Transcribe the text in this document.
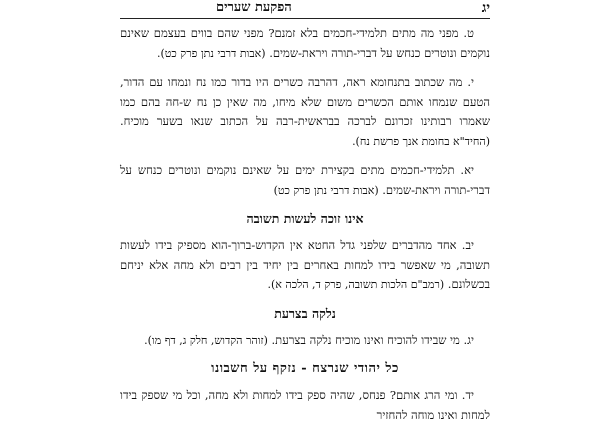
יג
הפקעת שערים

ט. מפני מה מתים תלמידי-חכמים בלא זמנם? מפני שהם בווים בעצמם שאינם נוקמים ונוטרים כנחש על דברי-תורה ויראת-שמים. (אבות דרבי נתן פרק כט).

י. מה שכתוב בתנחומא ראה, דהרבה כשרים היו בדור כמו נח ונמחו עם הדור, הטעם שנמחו אותם הכשרים משום שלא מיחו, מה שאין כן נח ש-חה בהם כמו שאמרו רבותינו זכרונם לברכה בבראשית-רבה על הכתוב שנאו בשער מוכיח. (החיד"א בחומת אנך פרשת נח).

יא. תלמידי-חכמים מתים בקצירת ימים על שאינם נוקמים ונוטרים כנחש על דברי-תורה ויראת-שמים. (אבות דרבי נתן פרק כט)

אינו זוכה לעשות תשובה

יב. אחד מהדברים שלפני גדל החטא אין הקדוש-ברוך-הוא מספיק בידו לעשות תשובה, מי שאפשר בידו למחות באחרים בין יחיד בין רבים ולא מחה אלא יניחם בכשלונם. (רמב"ם הלכות תשובה, פרק ד, הלכה א).

נלקה בצרעת

יג. מי שבידו להוכיח ואינו מוכיח נלקה בצרעת. (זוהר הקדוש, חלק ג, דף מו).

כל יהודי שנרצח - נזקף על חשבונו

יד. ומי הרג אותם? פנחס, שהיה ספק בידו למחות ולא מחה, וכל מי שספק בידו למחות ואינו מוחה להחזיר
